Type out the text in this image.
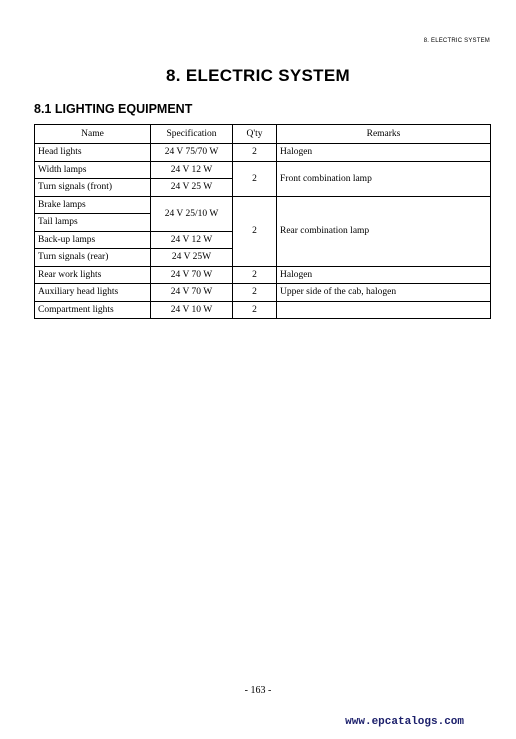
8. ELECTRIC SYSTEM
8. ELECTRIC SYSTEM
8.1 LIGHTING EQUIPMENT
Name	Specification	Q'ty	Remarks
Head lights	24 V 75/70 W	2	Halogen
Width lamps	24 V 12 W	2	Front combination lamp
Turn signals (front)	24 V 25 W		
Brake lamps	24 V 25/10 W	2	Rear combination lamp
Tail lamps			
Back-up lamps	24 V 12 W		
Turn signals (rear)	24 V 25W		
Rear work lights	24 V 70 W	2	Halogen
Auxiliary head lights	24 V 70 W	2	Upper side of the cab, halogen
Compartment lights	24 V 10 W	2	
- 163 -
www.epcatalogs.com
